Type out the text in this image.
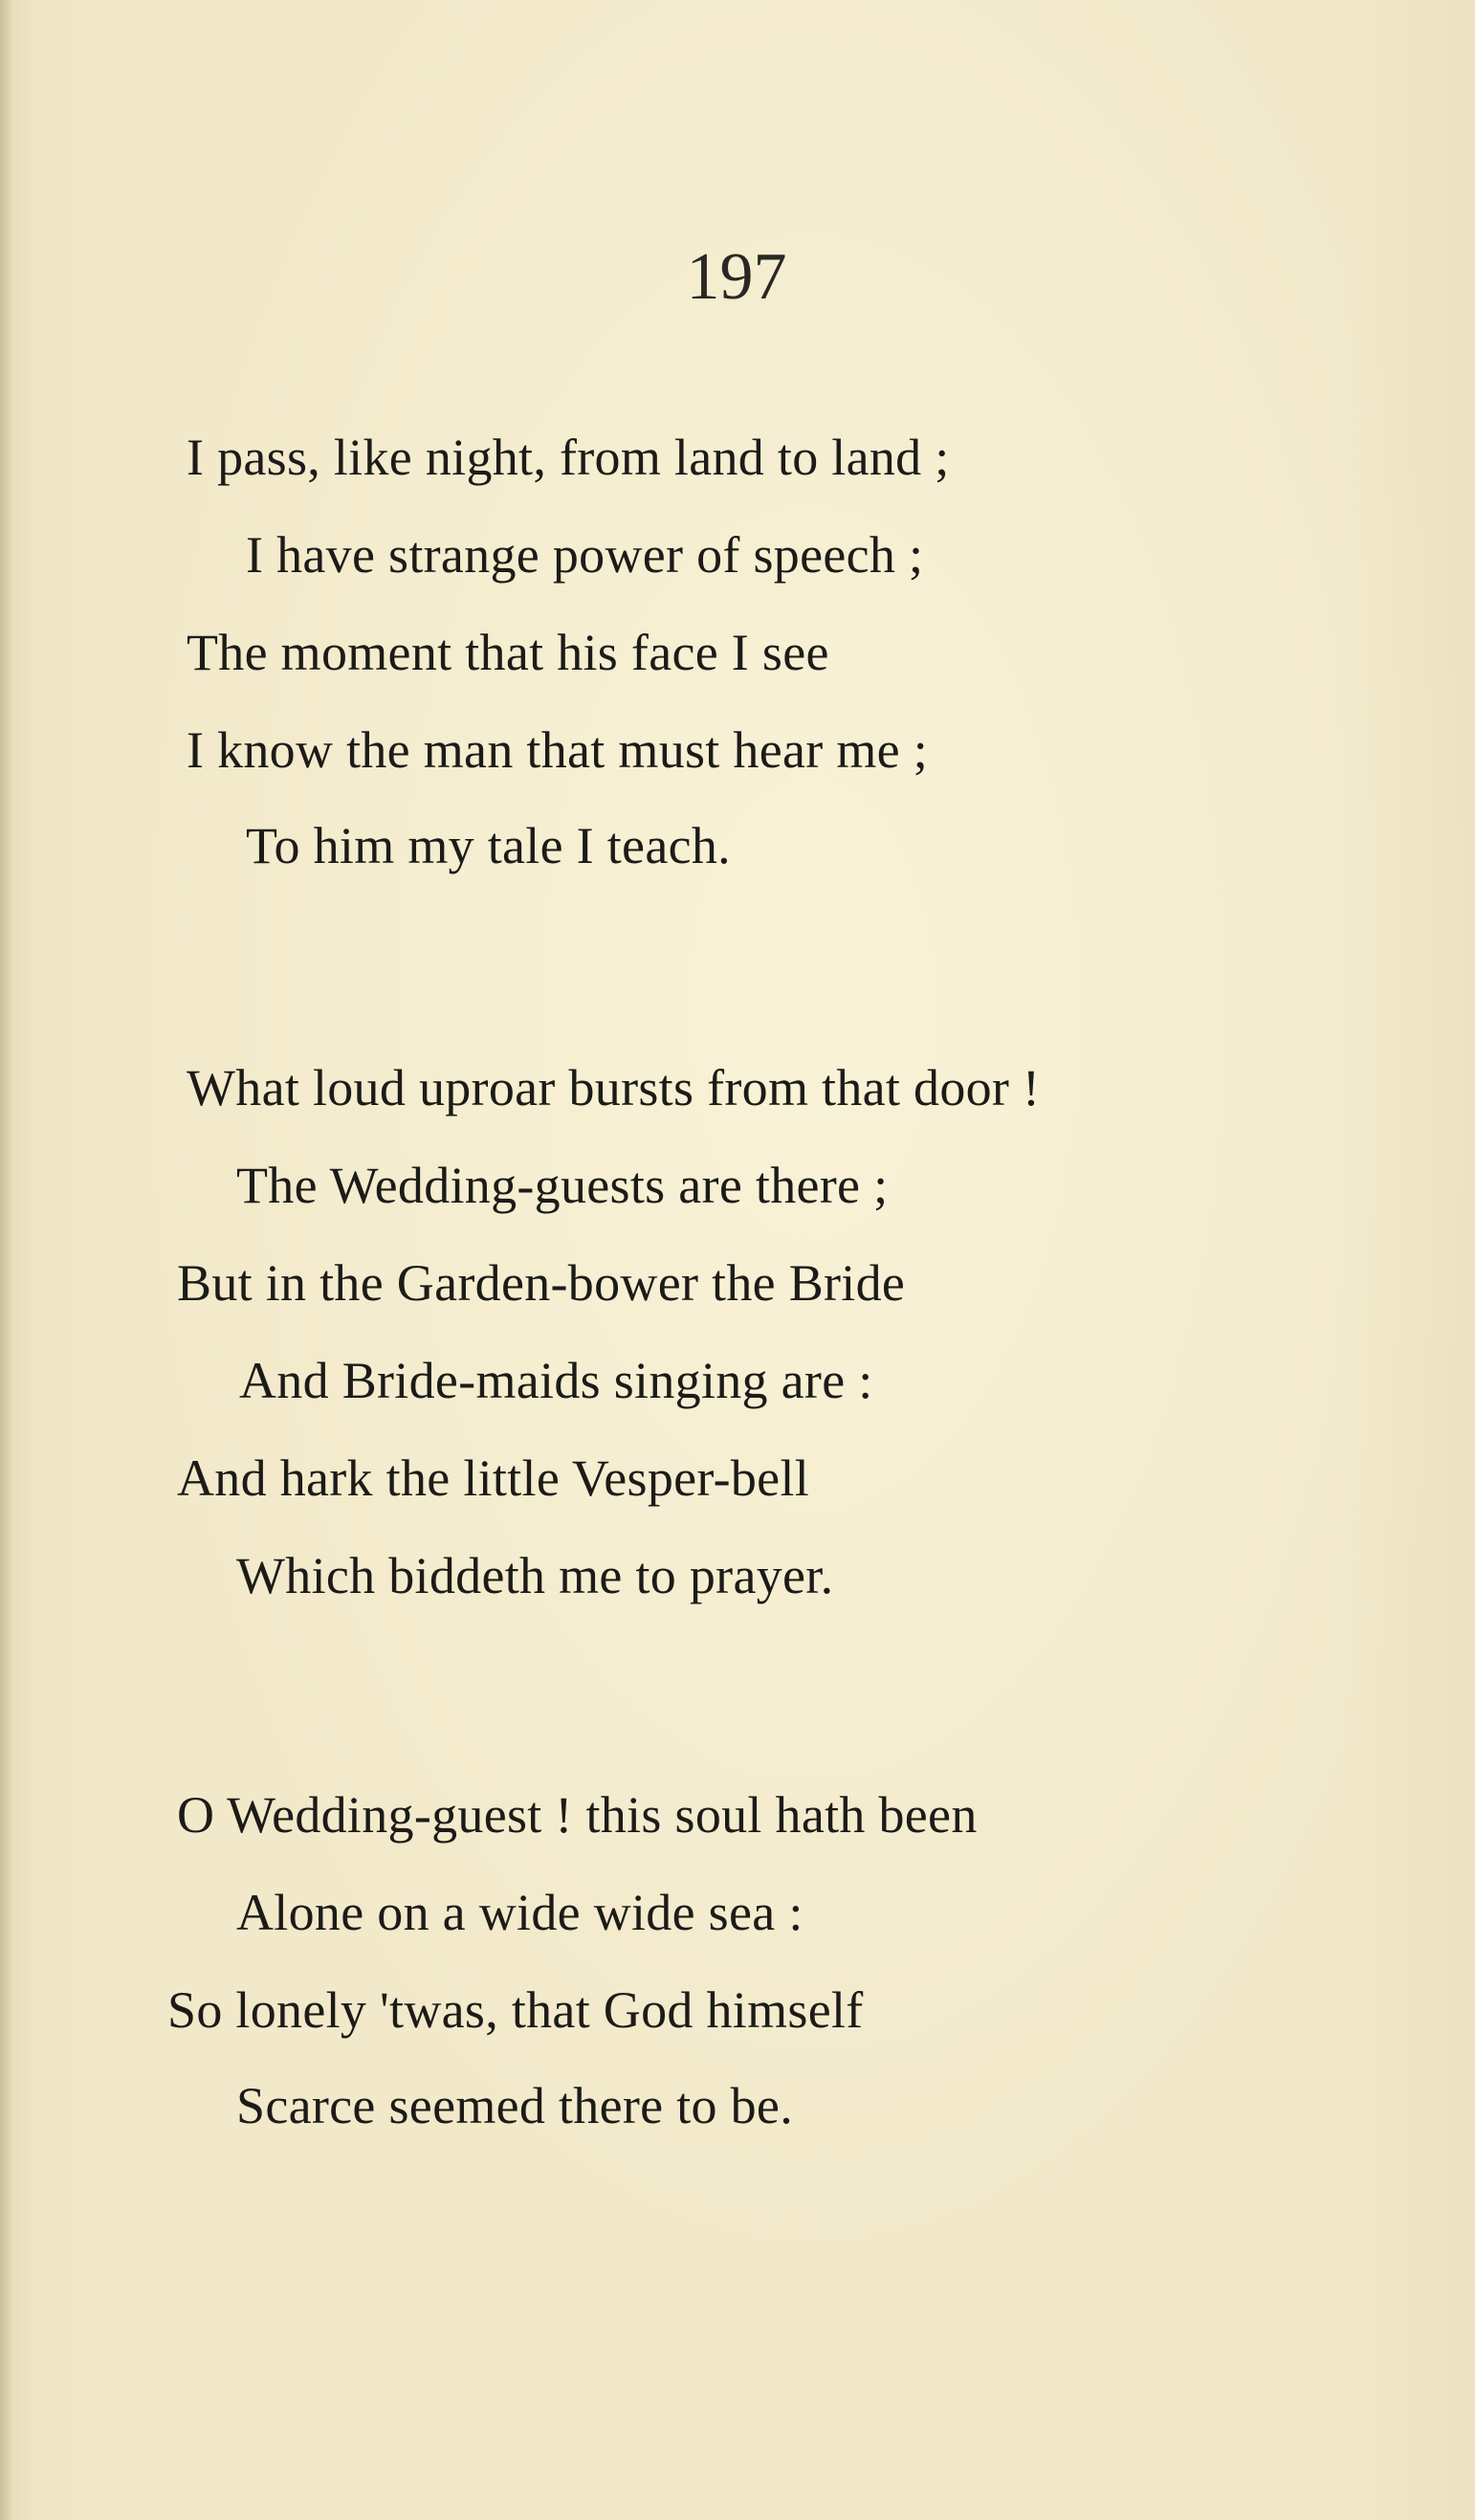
197
I pass, like night, from land to land ;
I have strange power of speech ;
The moment that his face I see
I know the man that must hear me ;
To him my tale I teach.
What loud uproar bursts from that door !
The Wedding-guests are there ;
But in the Garden-bower the Bride
And Bride-maids singing are :
And hark the little Vesper-bell
Which biddeth me to prayer.
O Wedding-guest ! this soul hath been
Alone on a wide wide sea :
So lonely 'twas, that God himself
Scarce seemed there to be.
